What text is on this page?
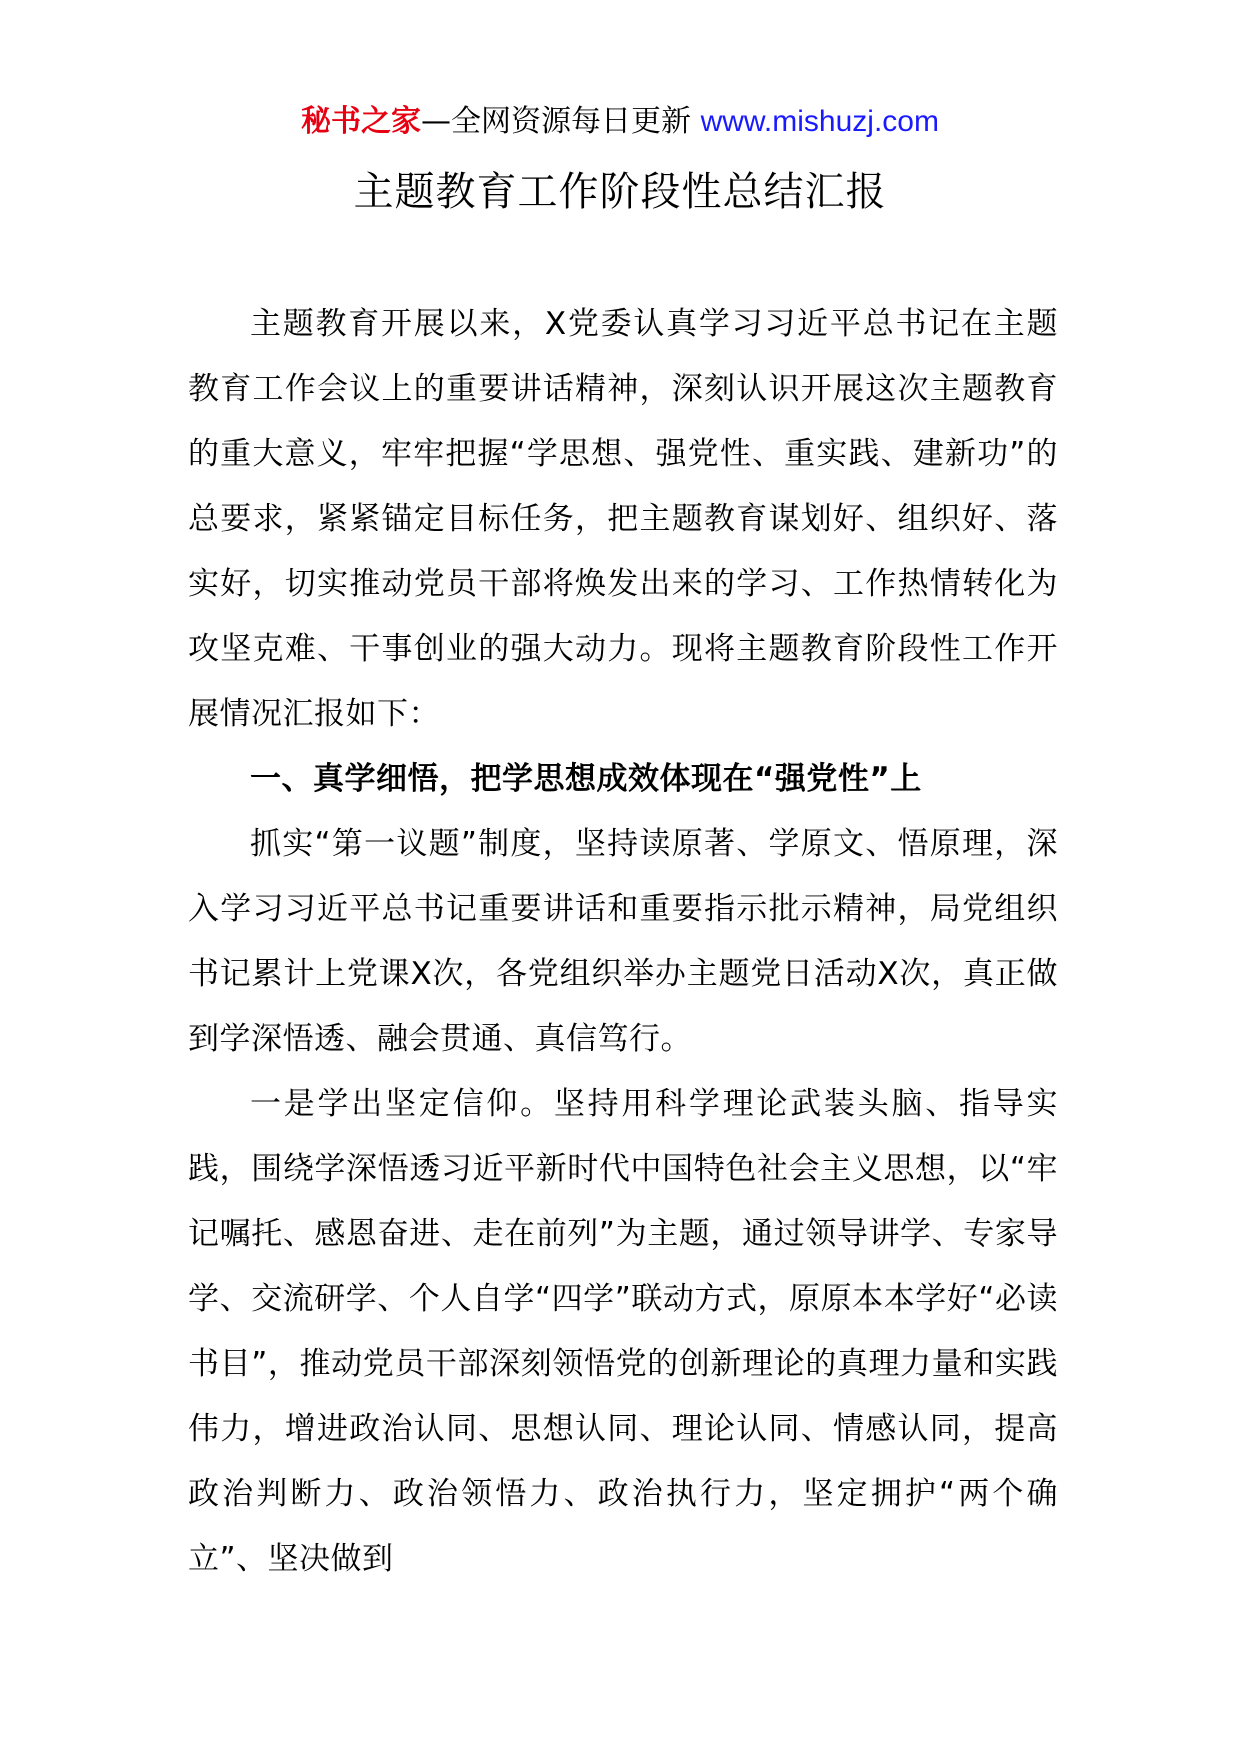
秘书之家—全网资源每日更新 www.mishuzj.com
主题教育工作阶段性总结汇报

主题教育开展以来，X党委认真学习习近平总书记在主题教育工作会议上的重要讲话精神，深刻认识开展这次主题教育的重大意义，牢牢把握“学思想、强党性、重实践、建新功”的总要求，紧紧锚定目标任务，把主题教育谋划好、组织好、落实好，切实推动党员干部将焕发出来的学习、工作热情转化为攻坚克难、干事创业的强大动力。现将主题教育阶段性工作开展情况汇报如下：

一、真学细悟，把学思想成效体现在“强党性”上

抓实“第一议题”制度，坚持读原著、学原文、悟原理，深入学习习近平总书记重要讲话和重要指示批示精神，局党组织书记累计上党课X次，各党组织举办主题党日活动X次，真正做到学深悟透、融会贯通、真信笃行。

一是学出坚定信仰。坚持用科学理论武装头脑、指导实践，围绕学深悟透习近平新时代中国特色社会主义思想，以“牢记嘱托、感恩奋进、走在前列”为主题，通过领导讲学、专家导学、交流研学、个人自学“四学”联动方式，原原本本学好“必读书目”，推动党员干部深刻领悟党的创新理论的真理力量和实践伟力，增进政治认同、思想认同、理论认同、情感认同，提高政治判断力、政治领悟力、政治执行力，坚定拥护“两个确立”、坚决做到
